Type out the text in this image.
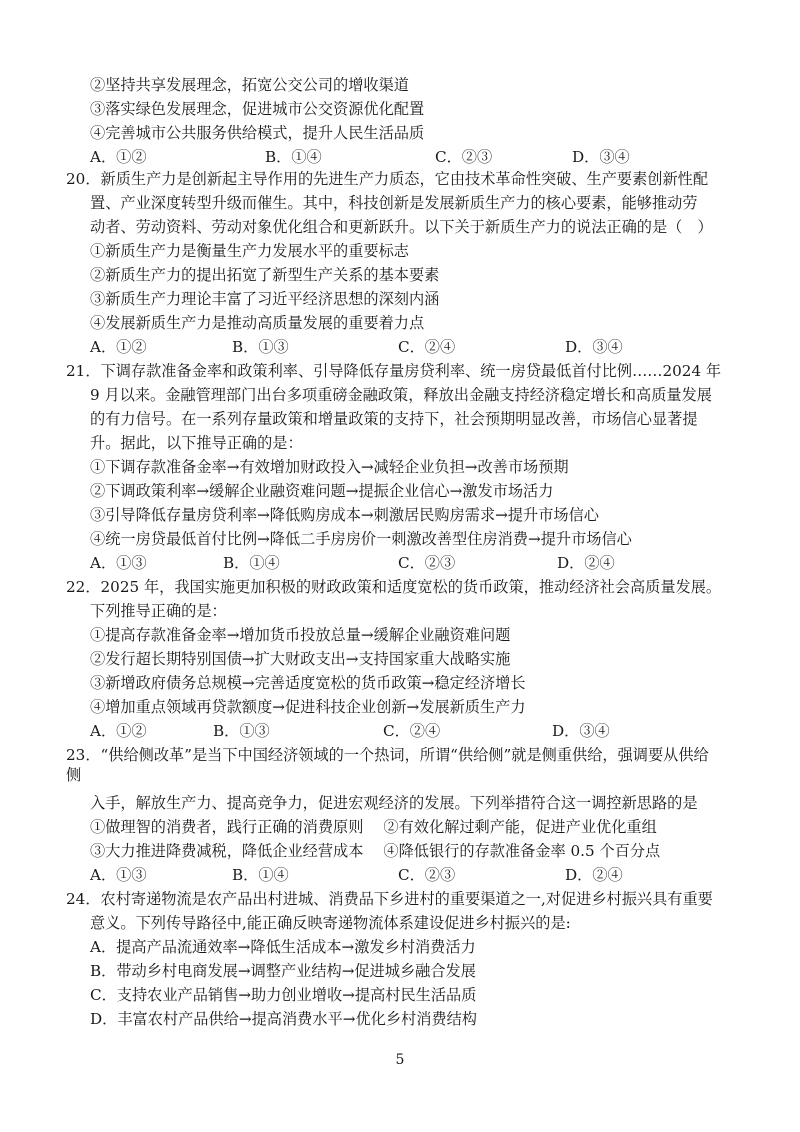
②坚持共享发展理念，拓宽公交公司的增收渠道
③落实绿色发展理念，促进城市公交资源优化配置
④完善城市公共服务供给模式，提升人民生活品质
A．①②	B．①④	C．②③	D．③④
20．新质生产力是创新起主导作用的先进生产力质态，它由技术革命性突破、生产要素创新性配
置、产业深度转型升级而催生。其中，科技创新是发展新质生产力的核心要素，能够推动劳
动者、劳动资料、劳动对象优化组合和更新跃升。以下关于新质生产力的说法正确的是（　）
①新质生产力是衡量生产力发展水平的重要标志
②新质生产力的提出拓宽了新型生产关系的基本要素
③新质生产力理论丰富了习近平经济思想的深刻内涵
④发展新质生产力是推动高质量发展的重要着力点
A．①②	B．①③	C．②④	D．③④
21．下调存款准备金率和政策利率、引导降低存量房贷利率、统一房贷最低首付比例……2024 年
9 月以来。金融管理部门出台多项重磅金融政策，释放出金融支持经济稳定增长和高质量发展
的有力信号。在一系列存量政策和增量政策的支持下，社会预期明显改善，市场信心显著提
升。据此，以下推导正确的是：
①下调存款准备金率→有效增加财政投入→减轻企业负担→改善市场预期
②下调政策利率→缓解企业融资难问题→提振企业信心→激发市场活力
③引导降低存量房贷利率→降低购房成本→刺激居民购房需求→提升市场信心
④统一房贷最低首付比例→降低二手房房价一刺激改善型住房消费→提升市场信心
A．①③	B．①④	C．②③	D．②④
22．2025 年，我国实施更加积极的财政政策和适度宽松的货币政策，推动经济社会高质量发展。
下列推导正确的是：
①提高存款准备金率→增加货币投放总量→缓解企业融资难问题
②发行超长期特别国债→扩大财政支出→支持国家重大战略实施
③新增政府债务总规模→完善适度宽松的货币政策→稳定经济增长
④增加重点领域再贷款额度→促进科技企业创新→发展新质生产力
A．①②	B．①③	C．②④	D．③④
23．“供给侧改革”是当下中国经济领域的一个热词，所谓“供给侧”就是侧重供给，强调要从供给
侧
入手，解放生产力、提高竞争力，促进宏观经济的发展。下列举措符合这一调控新思路的是
①做理智的消费者，践行正确的消费原则　 ②有效化解过剩产能，促进产业优化重组
③大力推进降费减税，降低企业经营成本　 ④降低银行的存款准备金率 0.5 个百分点
A．①③	B．①④	C．②③	D．②④
24．农村寄递物流是农产品出村进城、消费品下乡进村的重要渠道之一,对促进乡村振兴具有重要
意义。下列传导路径中,能正确反映寄递物流体系建设促进乡村振兴的是:
A．提高产品流通效率→降低生活成本→激发乡村消费活力
B．带动乡村电商发展→调整产业结构→促进城乡融合发展
C．支持农业产品销售→助力创业增收→提高村民生活品质
D．丰富农村产品供给→提高消费水平→优化乡村消费结构
5
